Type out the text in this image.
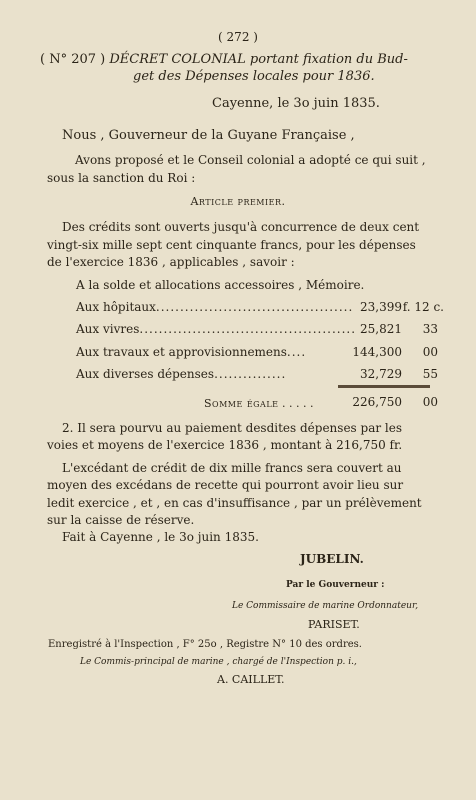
( 272 )
( N° 207 ) DÉCRET COLONIAL portant fixation du Bud-
get des Dépenses locales pour 1836.
Cayenne, le 3o juin 1835.
Nous , Gouverneur de la Guyane Française ,
Avons proposé et le Conseil colonial a adopté ce qui suit ,
sous la sanction du Roi :
Article premier.
Des crédits sont ouverts jusqu'à concurrence de deux cent
vingt-six mille sept cent cinquante francs, pour les dépenses
de l'exercice 1836 , applicables , savoir :
A la solde et allocations accessoires , Mémoire.
Aux hôpitaux......................................... 23,399 f. 12 c.
Aux vivres............................................. 25,821	33
Aux travaux et approvisionnemens....	144,300	00
Aux diverses dépenses...............	32,729	55
Somme égale . . . . .	226,750	00
2. Il sera pourvu au paiement desdites dépenses par les
voies et moyens de l'exercice 1836 , montant à 216,750 fr.
L'excédant de crédit de dix mille francs sera couvert au
moyen des excédans de recette qui pourront avoir lieu sur
ledit exercice , et , en cas d'insuffisance , par un prélèvement
sur la caisse de réserve.
Fait à Cayenne , le 3o juin 1835.
JUBELIN.
Par le Gouverneur :
Le Commissaire de marine Ordonnateur,
PARISET.
Enregistré à l'Inspection , F° 25o , Registre N° 10 des ordres.
Le Commis-principal de marine , chargé de l'Inspection p. i.,
A. CAILLET.
